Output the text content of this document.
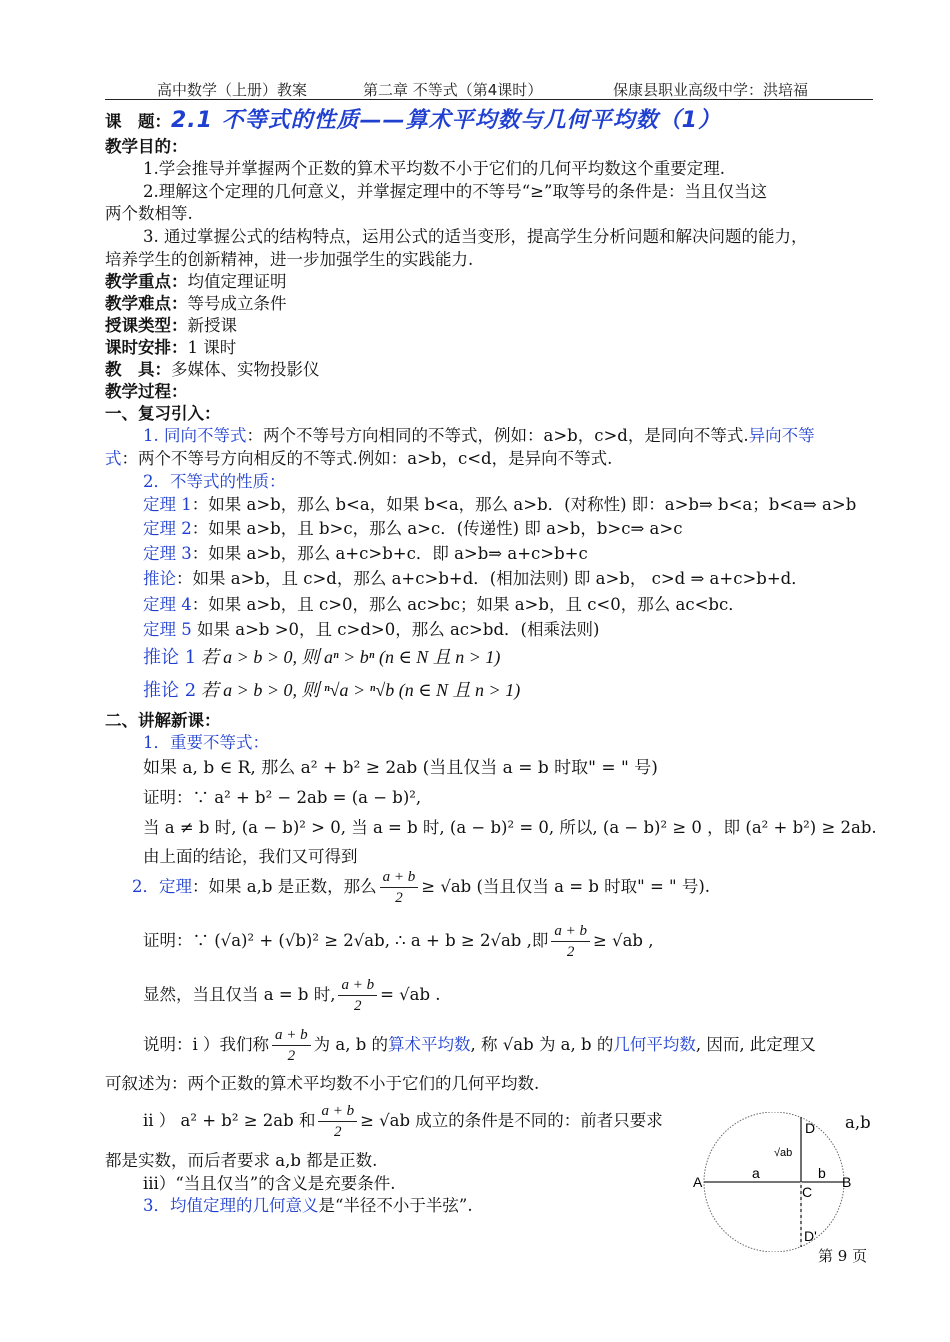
高中数学（上册）教案	第二章 不等式（第4课时）	保康县职业高级中学：洪培福
课　题：2.1 不等式的性质——算术平均数与几何平均数（1）
教学目的：
1.学会推导并掌握两个正数的算术平均数不小于它们的几何平均数这个重要定理.
2.理解这个定理的几何意义，并掌握定理中的不等号“≥”取等号的条件是：当且仅当这
两个数相等.
3. 通过掌握公式的结构特点，运用公式的适当变形，提高学生分析问题和解决问题的能力，
培养学生的创新精神，进一步加强学生的实践能力.
教学重点：均值定理证明
教学难点：等号成立条件
授课类型：新授课
课时安排：1 课时
教　具：多媒体、实物投影仪
教学过程：
一、复习引入：
1. 同向不等式：两个不等号方向相同的不等式，例如：a>b，c>d，是同向不等式.异向不等
式：两个不等号方向相反的不等式.例如：a>b，c<d，是异向不等式.
2．不等式的性质：
定理 1：如果 a>b，那么 b<a，如果 b<a，那么 a>b．(对称性) 即：a>b⇒ b<a；b<a⇒ a>b
定理 2：如果 a>b，且 b>c，那么 a>c．(传递性) 即 a>b，b>c⇒ a>c
定理 3：如果 a>b，那么 a+c>b+c．即 a>b⇒ a+c>b+c
推论：如果 a>b，且 c>d，那么 a+c>b+d．(相加法则) 即 a>b， c>d ⇒ a+c>b+d．
定理 4：如果 a>b，且 c>0，那么 ac>bc；如果 a>b，且 c<0，那么 ac<bc．
定理 5 如果 a>b >0，且 c>d>0，那么 ac>bd．(相乘法则)
推论 1 若 a > b > 0, 则 aⁿ > bⁿ (n ∈ N 且 n > 1)
推论 2 若 a > b > 0, 则 ⁿ√a > ⁿ√b (n ∈ N 且 n > 1)
二、讲解新课：
1．重要不等式：
如果 a, b ∈ R, 那么 a² + b² ≥ 2ab (当且仅当 a = b 时取" = " 号)
证明：∵ a² + b² − 2ab = (a − b)²,
当 a ≠ b 时, (a − b)² > 0, 当 a = b 时, (a − b)² = 0, 所以, (a − b)² ≥ 0 ，即 (a² + b²) ≥ 2ab.
由上面的结论，我们又可得到
2．定理：如果 a,b 是正数，那么 $\frac{a + b}{2} \ge √ab$ (当且仅当 a = b 时取" = " 号).
证明：∵ (√a)² + (√b)² ≥ 2√ab, ∴ a + b ≥ 2√ab ,即 $\frac{a + b}{2} \ge √ab$ ,
显然，当且仅当 a = b 时, $\frac{a + b}{2} = √ab$ .
说明：i ）我们称 $\frac{a + b}{2}$ 为 a, b 的算术平均数, 称 √ab 为 a, b 的几何平均数, 因而, 此定理又
可叙述为：两个正数的算术平均数不小于它们的几何平均数.
ii ） a² + b² ≥ 2ab 和 $\frac{a + b}{2} \ge √ab$ 成立的条件是不同的：前者只要求	a,b
都是实数，而后者要求 a,b 都是正数.
iii）“当且仅当”的含义是充要条件.
3．均值定理的几何意义是“半径不小于半弦”.
A	B
C
D
D'
a	b
√ab
第 9 页
